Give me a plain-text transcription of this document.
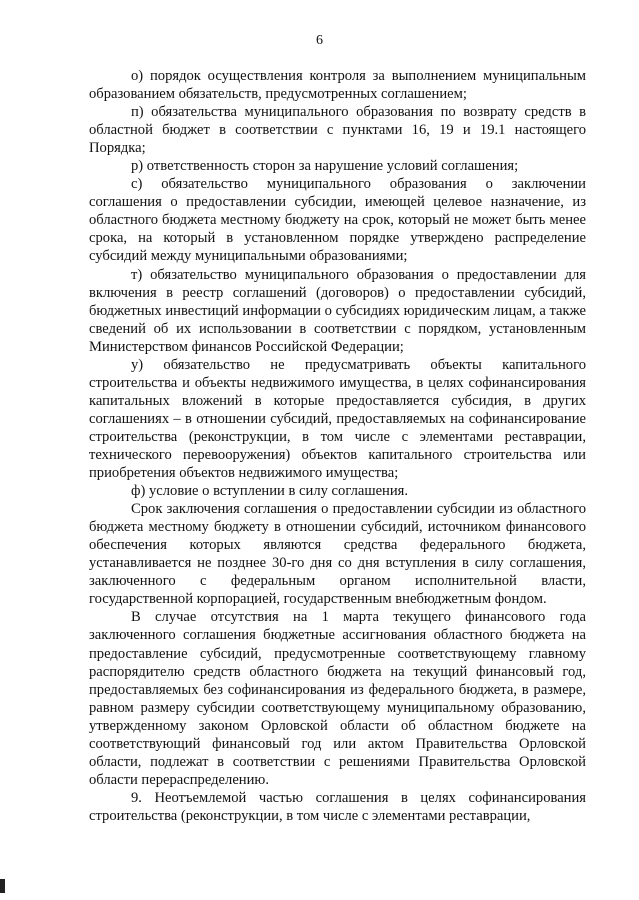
6

о) порядок осуществления контроля за выполнением муниципальным образованием обязательств, предусмотренных соглашением;

п) обязательства муниципального образования по возврату средств в областной бюджет в соответствии с пунктами 16, 19 и 19.1 настоящего Порядка;

р) ответственность сторон за нарушение условий соглашения;

с) обязательство муниципального образования о заключении соглашения о предоставлении субсидии, имеющей целевое назначение, из областного бюджета местному бюджету на срок, который не может быть менее срока, на который в установленном порядке утверждено распределение субсидий между муниципальными образованиями;

т) обязательство муниципального образования о предоставлении для включения в реестр соглашений (договоров) о предоставлении субсидий, бюджетных инвестиций информации о субсидиях юридическим лицам, а также сведений об их использовании в соответствии с порядком, установленным Министерством финансов Российской Федерации;

у) обязательство не предусматривать объекты капитального строительства и объекты недвижимого имущества, в целях софинансирования капитальных вложений в которые предоставляется субсидия, в других соглашениях – в отношении субсидий, предоставляемых на софинансирование строительства (реконструкции, в том числе с элементами реставрации, технического перевооружения) объектов капитального строительства или приобретения объектов недвижимого имущества;

ф) условие о вступлении в силу соглашения.

Срок заключения соглашения о предоставлении субсидии из областного бюджета местному бюджету в отношении субсидий, источником финансового обеспечения которых являются средства федерального бюджета, устанавливается не позднее 30-го дня со дня вступления в силу соглашения, заключенного с федеральным органом исполнительной власти, государственной корпорацией, государственным внебюджетным фондом.

В случае отсутствия на 1 марта текущего финансового года заключенного соглашения бюджетные ассигнования областного бюджета на предоставление субсидий, предусмотренные соответствующему главному распорядителю средств областного бюджета на текущий финансовый год, предоставляемых без софинансирования из федерального бюджета, в размере, равном размеру субсидии соответствующему муниципальному образованию, утвержденному законом Орловской области об областном бюджете на соответствующий финансовый год или актом Правительства Орловской области, подлежат в соответствии с решениями Правительства Орловской области перераспределению.

9. Неотъемлемой частью соглашения в целях софинансирования строительства (реконструкции, в том числе с элементами реставрации,
